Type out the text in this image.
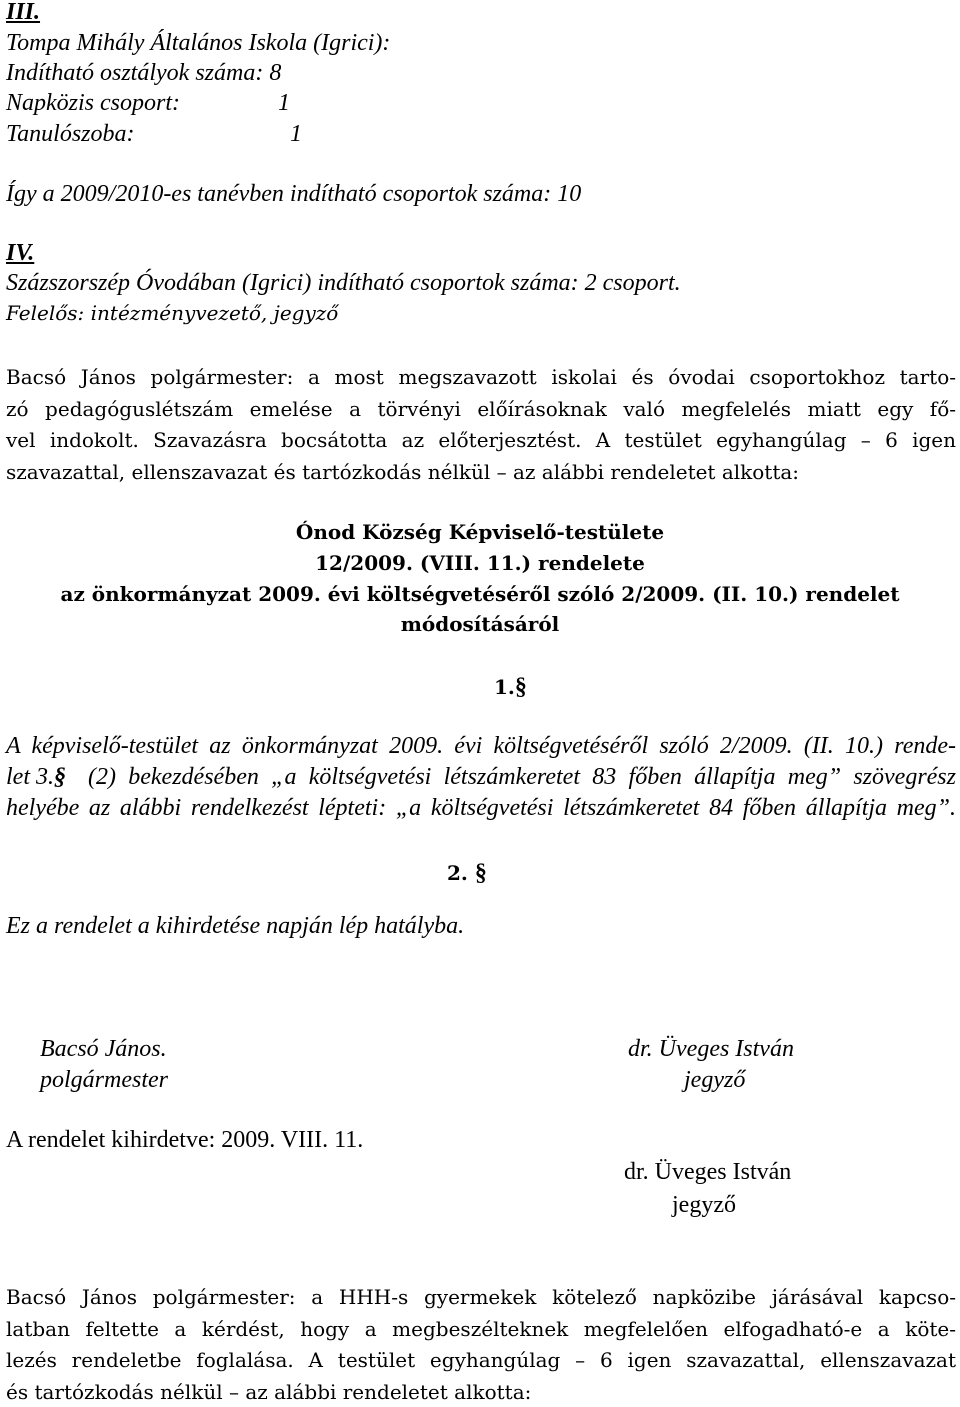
III.
Tompa Mihály Általános Iskola (Igrici):
Indítható osztályok száma: 8
Napközis csoport:	1
Tanulószoba:	1
Így a 2009/2010-es tanévben indítható csoportok száma: 10
IV.
Százszorszép Óvodában (Igrici) indítható csoportok száma: 2 csoport.
Felelős: intézményvezető, jegyző
Bacsó János polgármester: a most megszavazott iskolai és óvodai csoportokhoz tarto-
zó pedagóguslétszám emelése a törvényi előírásoknak való megfelelés miatt egy fő-
vel indokolt. Szavazásra bocsátotta az előterjesztést. A testület egyhangúlag – 6 igen
szavazattal, ellenszavazat és tartózkodás nélkül – az alábbi rendeletet alkotta:
Ónod Község Képviselő-testülete
12/2009. (VIII. 11.) rendelete
az önkormányzat 2009. évi költségvetéséről szóló 2/2009. (II. 10.) rendelet
módosításáról
1.§
A képviselő-testület az önkormányzat 2009. évi költségvetéséről szóló 2/2009. (II. 10.) rende-
let 3.§ (2) bekezdésében „a költségvetési létszámkeretet 83 főben állapítja meg” szövegrész
helyébe az alábbi rendelkezést lépteti: „a költségvetési létszámkeretet 84 főben állapítja meg”.
2. §
Ez a rendelet a kihirdetése napján lép hatályba.
Bacsó János.
polgármester
dr. Üveges István
jegyző
A rendelet kihirdetve: 2009. VIII. 11.
dr. Üveges István
jegyző
Bacsó János polgármester: a HHH-s gyermekek kötelező napközibe járásával kapcso-
latban feltette a kérdést, hogy a megbeszélteknek megfelelően elfogadható-e a köte-
lezés rendeletbe foglalása. A testület egyhangúlag – 6 igen szavazattal, ellenszavazat
és tartózkodás nélkül – az alábbi rendeletet alkotta:
